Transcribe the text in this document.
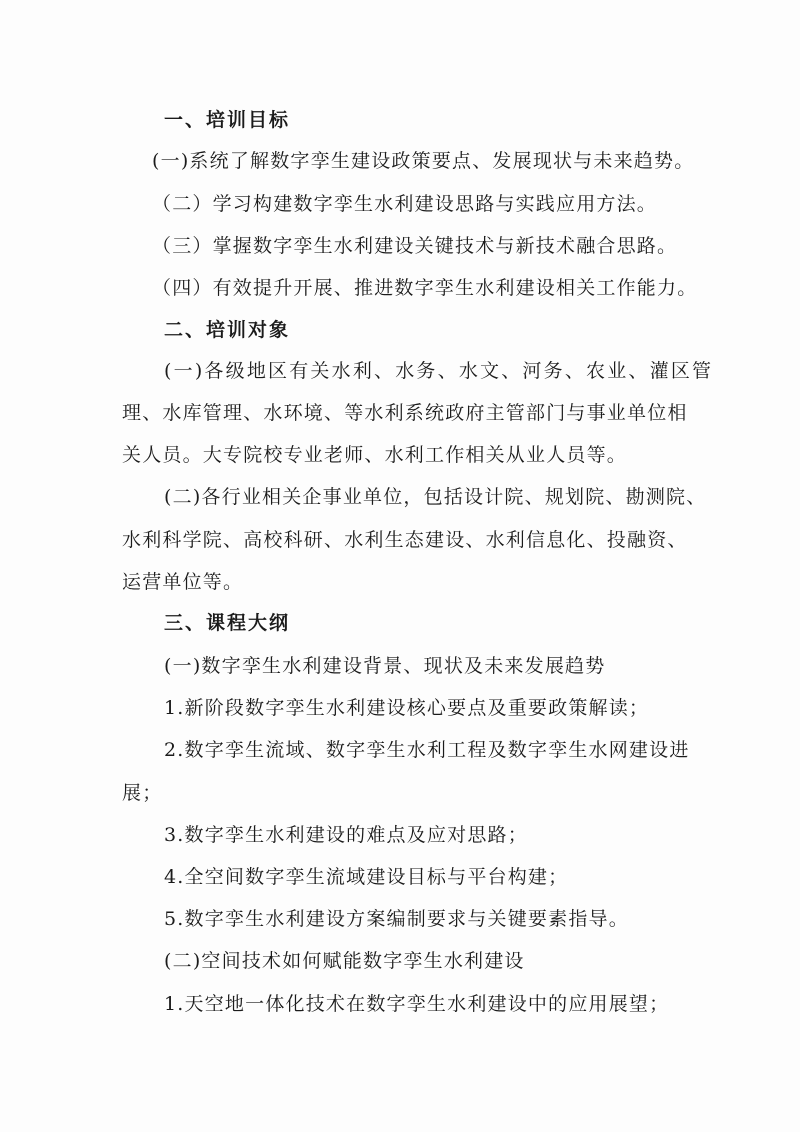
一、培训目标
(一)系统了解数字孪生建设政策要点、发展现状与未来趋势。
（二）学习构建数字孪生水利建设思路与实践应用方法。
（三）掌握数字孪生水利建设关键技术与新技术融合思路。
（四）有效提升开展、推进数字孪生水利建设相关工作能力。
二、培训对象
(一)各级地区有关水利、水务、水文、河务、农业、灌区管
理、水库管理、水环境、等水利系统政府主管部门与事业单位相
关人员。大专院校专业老师、水利工作相关从业人员等。
(二)各行业相关企事业单位，包括设计院、规划院、勘测院、
水利科学院、高校科研、水利生态建设、水利信息化、投融资、
运营单位等。
三、课程大纲
(一)数字孪生水利建设背景、现状及未来发展趋势
1.新阶段数字孪生水利建设核心要点及重要政策解读；
2.数字孪生流域、数字孪生水利工程及数字孪生水网建设进
展；
3.数字孪生水利建设的难点及应对思路；
4.全空间数字孪生流域建设目标与平台构建；
5.数字孪生水利建设方案编制要求与关键要素指导。
(二)空间技术如何赋能数字孪生水利建设
1.天空地一体化技术在数字孪生水利建设中的应用展望；
